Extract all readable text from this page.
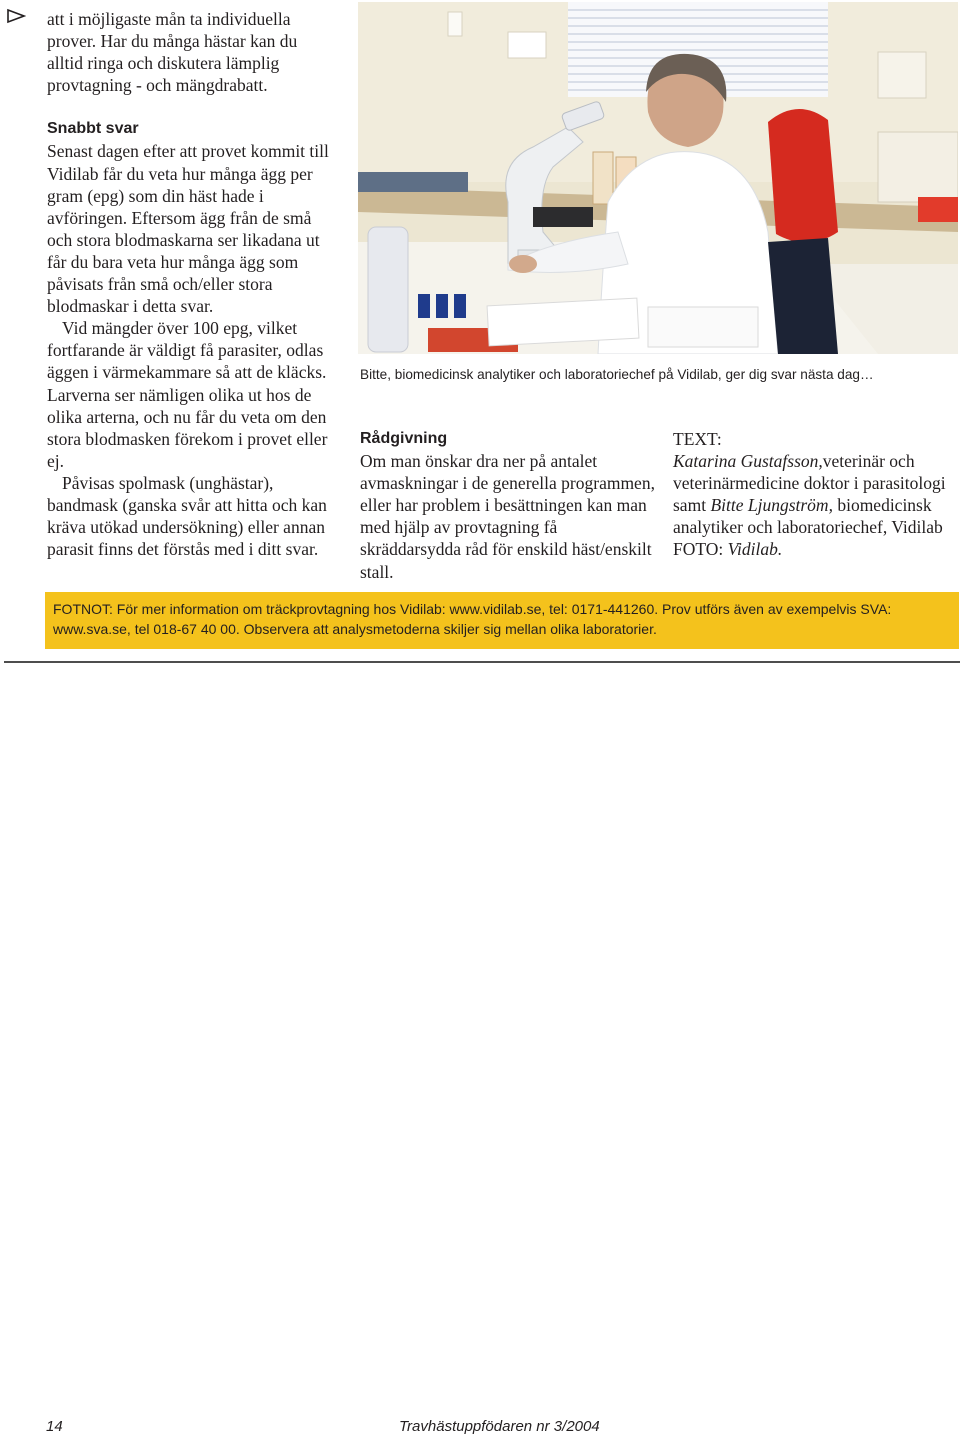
att i möjligaste mån ta individuella prover. Har du många hästar kan du alltid ringa och diskutera lämplig provtagning - och mängdrabatt.

Snabbt svar

Senast dagen efter att provet kommit till Vidilab får du veta hur många ägg per gram (epg) som din häst hade i avföringen. Eftersom ägg från de små och stora blodmaskarna ser likadana ut får du bara veta hur många ägg som påvisats från små och/eller stora blodmaskar i detta svar.

Vid mängder över 100 epg, vilket fortfarande är väldigt få parasiter, odlas äggen i värmekammare så att de kläcks. Larverna ser nämligen olika ut hos de olika arterna, och nu får du veta om den stora blodmasken förekom i provet eller ej.

Påvisas spolmask (unghästar), bandmask (ganska svår att hitta och kan kräva utökad undersökning) eller annan parasit finns det förstås med i ditt svar.

Bitte, biomedicinsk analytiker och laboratoriechef på Vidilab, ger dig svar nästa dag…

Rådgivning

Om man önskar dra ner på antalet avmaskningar i de generella programmen, eller har problem i besättningen kan man med hjälp av provtagning få skräddarsydda råd för enskild häst/enskilt stall.

TEXT:

Katarina Gustafsson,veterinär och veterinärmedicine doktor i parasitologi samt Bitte Ljungström, biomedicinsk analytiker och laboratoriechef, Vidilab

FOTO: Vidilab.

FOTNOT: För mer information om träckprovtagning hos Vidilab: www.vidilab.se, tel: 0171-441260. Prov utförs även av exempelvis SVA: www.sva.se, tel 018-67 40 00. Observera att analysmetoderna skiljer sig mellan olika laboratorier.
14	Travhästuppfödaren nr 3/2004
